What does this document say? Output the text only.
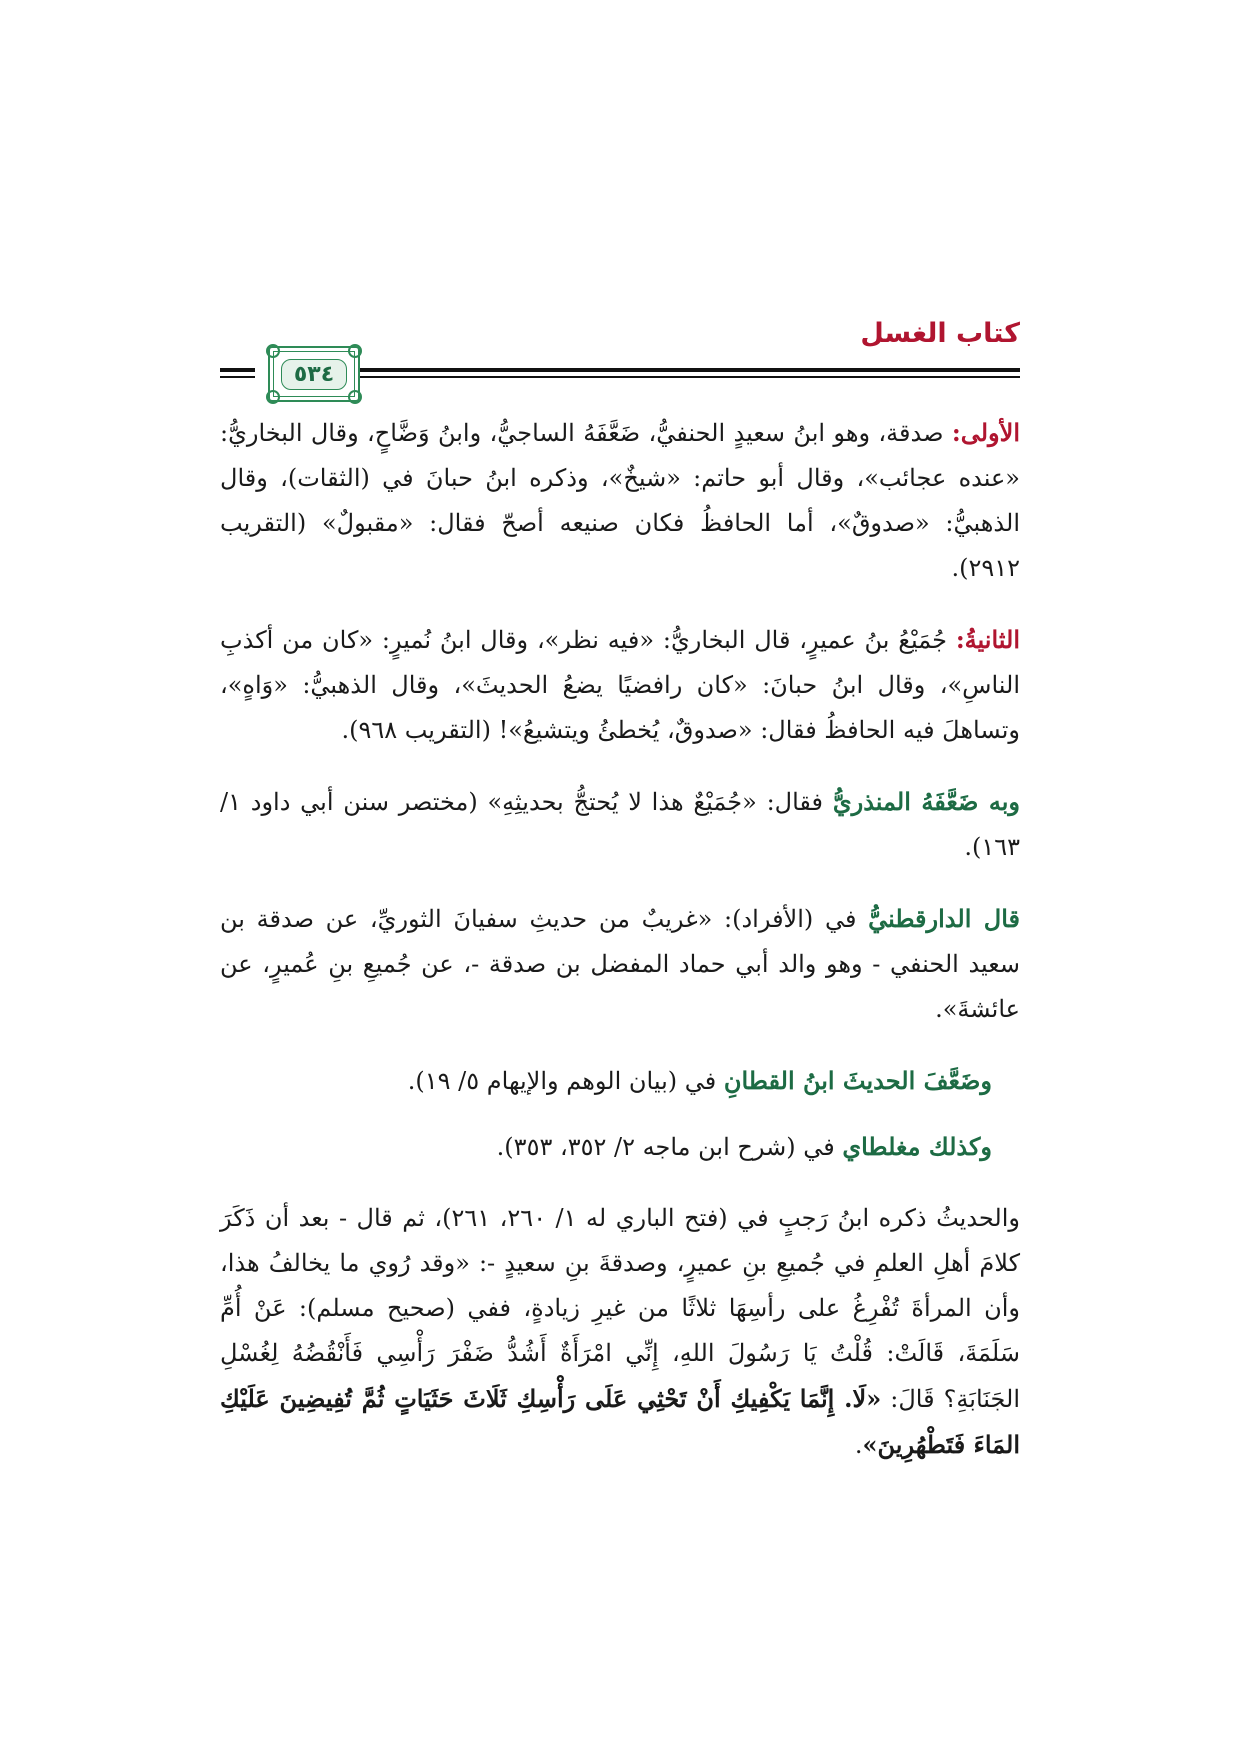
كتاب الغسل
٥٣٤
الأولى: صدقة، وهو ابنُ سعيدٍ الحنفيُّ، ضَعَّفَهُ الساجيُّ، وابنُ وَضَّاحٍ، وقال البخاريُّ: «عنده عجائب»، وقال أبو حاتم: «شيخٌ»، وذكره ابنُ حبانَ في (الثقات)، وقال الذهبيُّ: «صدوقٌ»، أما الحافظُ فكان صنيعه أصحّ فقال: «مقبولٌ» (التقريب ٢٩١٢).
الثانيةُ: جُمَيْعُ بنُ عميرٍ، قال البخاريُّ: «فيه نظر»، وقال ابنُ نُميرٍ: «كان من أكذبِ الناسِ»، وقال ابنُ حبانَ: «كان رافضيًا يضعُ الحديثَ»، وقال الذهبيُّ: «وَاهٍ»، وتساهلَ فيه الحافظُ فقال: «صدوقٌ، يُخطئُ ويتشيعُ»! (التقريب ٩٦٨).
وبه ضَعَّفَهُ المنذريُّ فقال: «جُمَيْعٌ هذا لا يُحتجُّ بحديثِهِ» (مختصر سنن أبي داود ١/ ١٦٣).
قال الدارقطنيُّ في (الأفراد): «غريبٌ من حديثِ سفيانَ الثوريِّ، عن صدقة بن سعيد الحنفي - وهو والد أبي حماد المفضل بن صدقة -، عن جُميعِ بنِ عُميرٍ، عن عائشةَ».
وضَعَّفَ الحديثَ ابنُ القطانِ في (بيان الوهم والإيهام ٥/ ١٩).
وكذلك مغلطاي في (شرح ابن ماجه ٢/ ٣٥٢، ٣٥٣).
والحديثُ ذكره ابنُ رَجبٍ في (فتح الباري له ١/ ٢٦٠، ٢٦١)، ثم قال - بعد أن ذَكَرَ كلامَ أهلِ العلمِ في جُميعِ بنِ عميرٍ، وصدقةَ بنِ سعيدٍ -: «وقد رُوي ما يخالفُ هذا، وأن المرأةَ تُفْرِغُ على رأسِهَا ثلاثًا من غيرِ زيادةٍ، ففي (صحيح مسلم): عَنْ أُمِّ سَلَمَةَ، قَالَتْ: قُلْتُ يَا رَسُولَ اللهِ، إِنِّي امْرَأَةٌ أَشُدُّ ضَفْرَ رَأْسِي فَأَنْقُضُهُ لِغُسْلِ الجَنَابَةِ؟ قَالَ: «لَا. إِنَّمَا يَكْفِيكِ أَنْ تَحْثِي عَلَى رَأْسِكِ ثَلَاثَ حَثَيَاتٍ ثُمَّ تُفِيضِينَ عَلَيْكِ المَاءَ فَتَطْهُرِينَ».
